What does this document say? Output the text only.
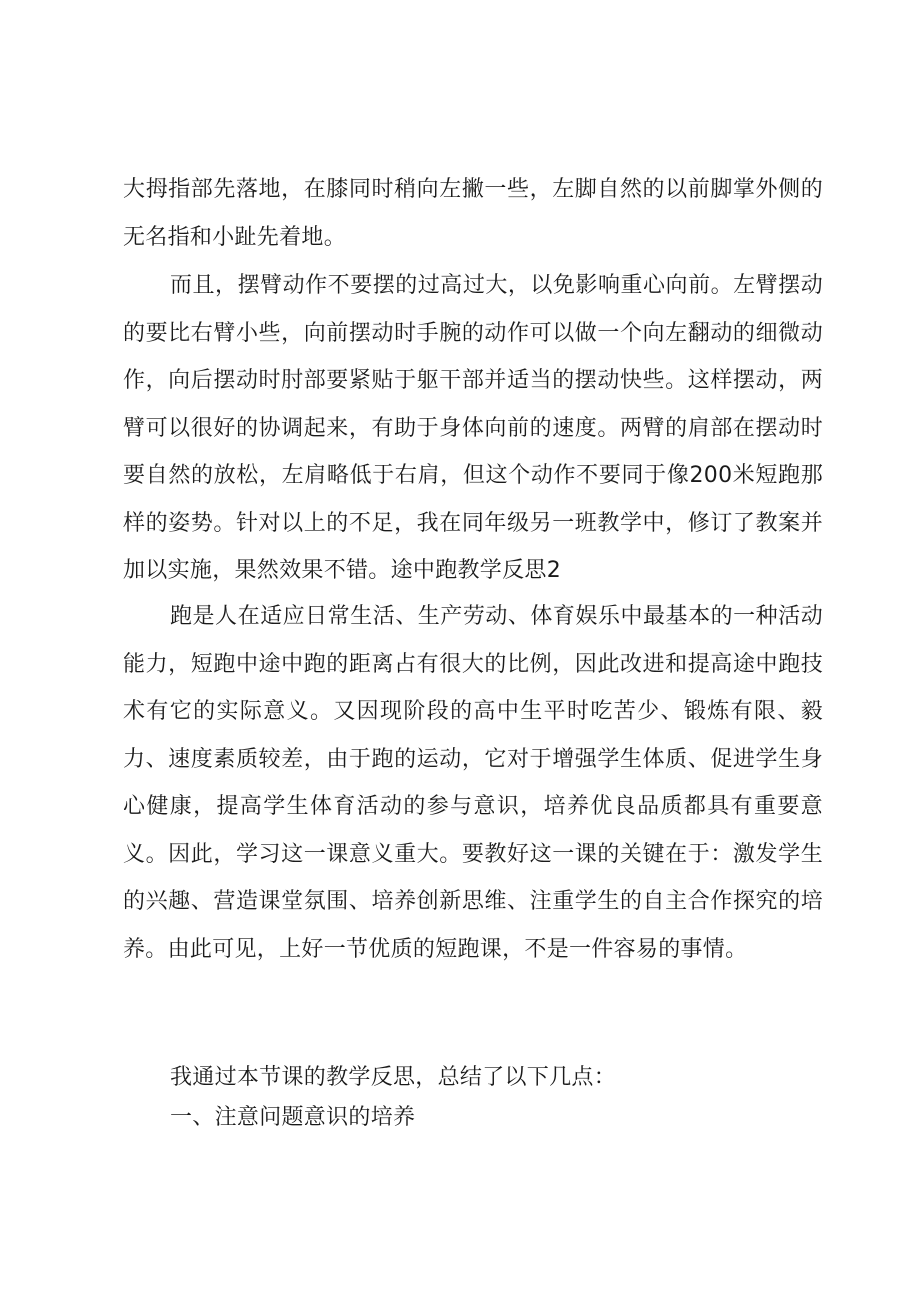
大拇指部先落地，在膝同时稍向左撇一些，左脚自然的以前脚掌外侧的无名指和小趾先着地。

而且，摆臂动作不要摆的过高过大，以免影响重心向前。左臂摆动的要比右臂小些，向前摆动时手腕的动作可以做一个向左翻动的细微动作，向后摆动时肘部要紧贴于躯干部并适当的摆动快些。这样摆动，两臂可以很好的协调起来，有助于身体向前的速度。两臂的肩部在摆动时要自然的放松，左肩略低于右肩，但这个动作不要同于像200米短跑那样的姿势。针对以上的不足，我在同年级另一班教学中，修订了教案并加以实施，果然效果不错。途中跑教学反思2

跑是人在适应日常生活、生产劳动、体育娱乐中最基本的一种活动能力，短跑中途中跑的距离占有很大的比例，因此改进和提高途中跑技术有它的实际意义。又因现阶段的高中生平时吃苦少、锻炼有限、毅力、速度素质较差，由于跑的运动，它对于增强学生体质、促进学生身心健康，提高学生体育活动的参与意识，培养优良品质都具有重要意义。因此，学习这一课意义重大。要教好这一课的关键在于：激发学生的兴趣、营造课堂氛围、培养创新思维、注重学生的自主合作探究的培养。由此可见，上好一节优质的短跑课，不是一件容易的事情。

我通过本节课的教学反思，总结了以下几点：

一、注意问题意识的培养
